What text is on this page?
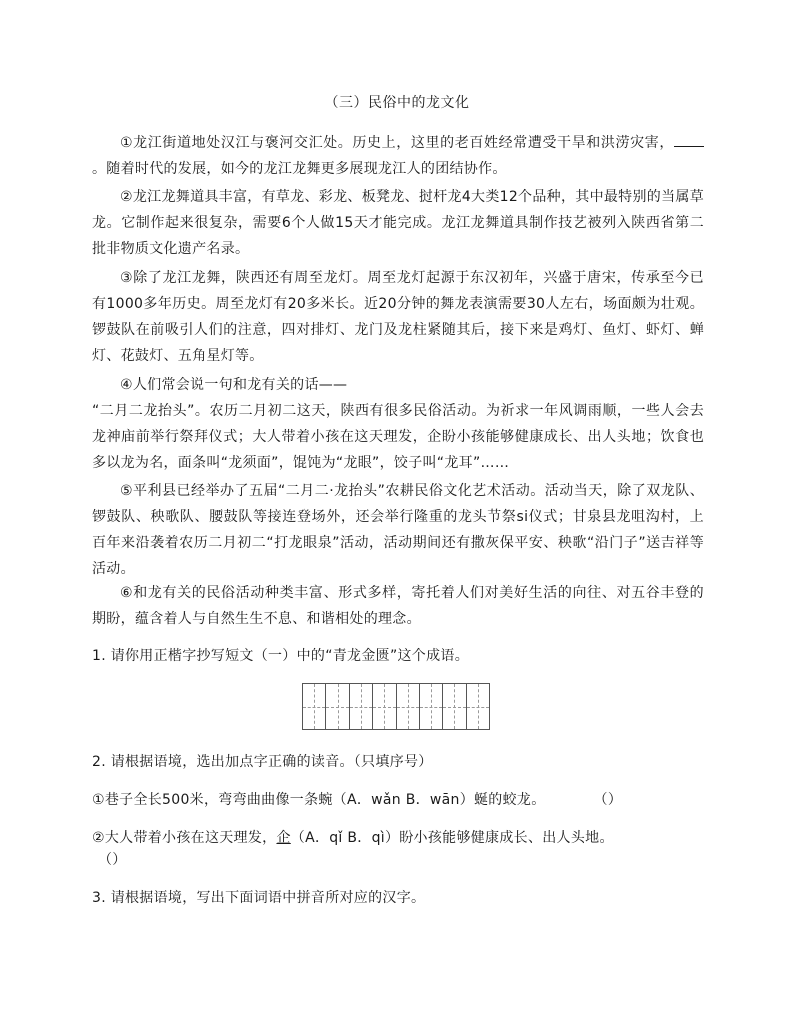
（三）民俗中的龙文化

①龙江街道地处汉江与褒河交汇处。历史上，这里的老百姓经常遭受干旱和洪涝灾害，。随着时代的发展，如今的龙江龙舞更多展现龙江人的团结协作。

②龙江龙舞道具丰富，有草龙、彩龙、板凳龙、挝杆龙4大类12个品种，其中最特别的当属草龙。它制作起来很复杂，需要6个人做15天才能完成。龙江龙舞道具制作技艺被列入陕西省第二批非物质文化遗产名录。

③除了龙江龙舞，陕西还有周至龙灯。周至龙灯起源于东汉初年，兴盛于唐宋，传承至今已有1000多年历史。周至龙灯有20多米长。近20分钟的舞龙表演需要30人左右，场面颇为壮观。锣鼓队在前吸引人们的注意，四对排灯、龙门及龙柱紧随其后，接下来是鸡灯、鱼灯、虾灯、蝉灯、花鼓灯、五角星灯等。

④人们常会说一句和龙有关的话——

“二月二龙抬头”。农历二月初二这天，陕西有很多民俗活动。为祈求一年风调雨顺，一些人会去龙神庙前举行祭拜仪式；大人带着小孩在这天理发，企盼小孩能够健康成长、出人头地；饮食也多以龙为名，面条叫“龙须面”，馄饨为“龙眼”，饺子叫“龙耳”……

⑤平利县已经举办了五届“二月二·龙抬头”农耕民俗文化艺术活动。活动当天，除了双龙队、锣鼓队、秧歌队、腰鼓队等接连登场外，还会举行隆重的龙头节祭si仪式；甘泉县龙咀沟村，上百年来沿袭着农历二月初二“打龙眼泉”活动，活动期间还有撒灰保平安、秧歌“沿门子”送吉祥等活动。

⑥和龙有关的民俗活动种类丰富、形式多样，寄托着人们对美好生活的向往、对五谷丰登的期盼，蕴含着人与自然生生不息、和谐相处的理念。

1. 请你用正楷字抄写短文（一）中的“青龙金匮”这个成语。

2. 请根据语境，选出加点字正确的读音。（只填序号）

①巷子全长500米，弯弯曲曲像一条蜿（A．wǎn B．wān）蜒的蛟龙。	（）

②大人带着小孩在这天理发，企（A．qǐ B．qì）盼小孩能够健康成长、出人头地。

（）

3. 请根据语境，写出下面词语中拼音所对应的汉字。
